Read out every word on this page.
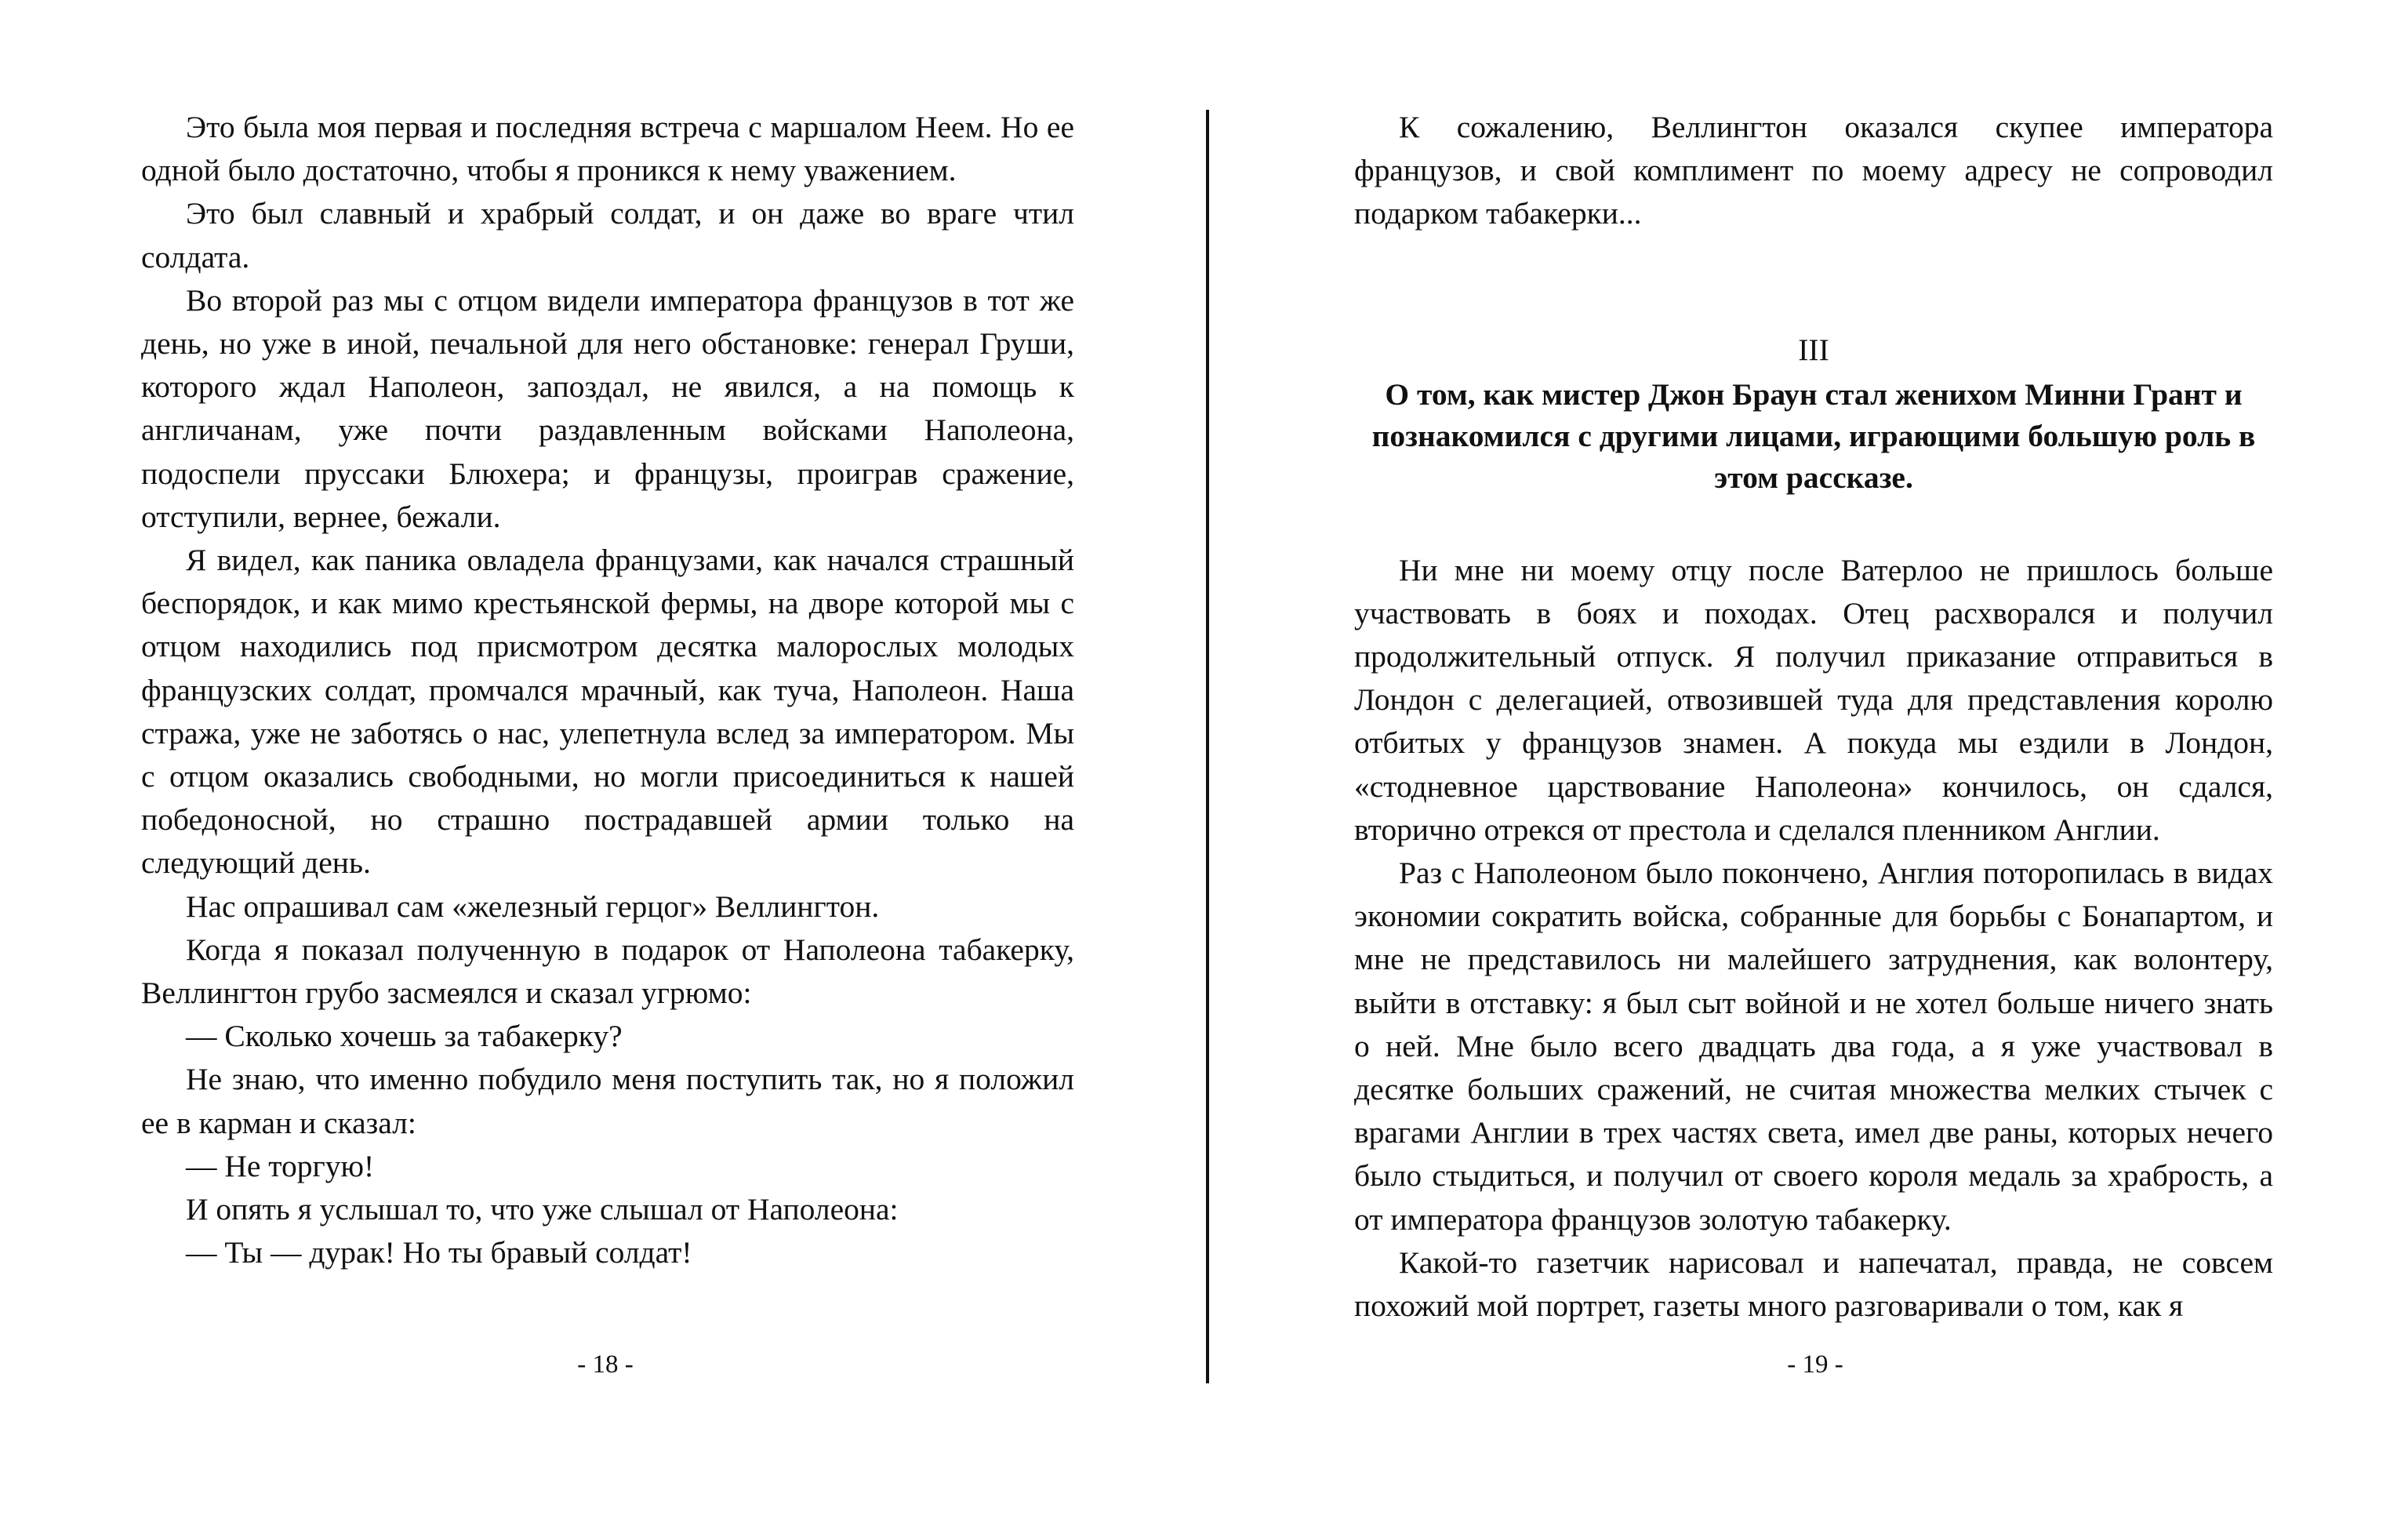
Это была моя первая и последняя встреча с маршалом Неем. Но ее одной было достаточно, чтобы я проникся к нему уважением.

Это был славный и храбрый солдат, и он даже во враге чтил солдата.

Во второй раз мы с отцом видели императора французов в тот же день, но уже в иной, печальной для него обстановке: генерал Груши, которого ждал Наполеон, запоздал, не явился, а на помощь к англичанам, уже почти раздавленным войсками Наполеона, подоспели пруссаки Блюхера; и французы, проиграв сражение, отступили, вернее, бежали.

Я видел, как паника овладела французами, как начался страшный беспорядок, и как мимо крестьянской фермы, на дворе которой мы с отцом находились под присмотром десятка малорослых молодых французских солдат, промчался мрачный, как туча, Наполеон. Наша стража, уже не заботясь о нас, улепетнула вслед за императором. Мы с отцом оказались свободными, но могли присоединиться к нашей победоносной, но страшно пострадавшей армии только на следующий день.

Нас опрашивал сам «железный герцог» Веллингтон.

Когда я показал полученную в подарок от Наполеона табакерку, Веллингтон грубо засмеялся и сказал угрюмо:

— Сколько хочешь за табакерку?

Не знаю, что именно побудило меня поступить так, но я положил ее в карман и сказал:

— Не торгую!

И опять я услышал то, что уже слышал от Наполеона:

— Ты — дурак! Но ты бравый солдат!

К сожалению, Веллингтон оказался скупее императора французов, и свой комплимент по моему адресу не сопроводил подарком табакерки...

III
О том, как мистер Джон Браун стал женихом Минни Грант и познакомился с другими лицами, играющими большую роль в этом рассказе.

Ни мне ни моему отцу после Ватерлоо не пришлось больше участвовать в боях и походах. Отец расхворался и получил продолжительный отпуск. Я получил приказание отправиться в Лондон с делегацией, отвозившей туда для представления королю отбитых у французов знамен. А покуда мы ездили в Лондон, «стодневное царствование Наполеона» кончилось, он сдался, вторично отрекся от престола и сделался пленником Англии.

Раз с Наполеоном было покончено, Англия поторопилась в видах экономии сократить войска, собранные для борьбы с Бонапартом, и мне не представилось ни малейшего затруднения, как волонтеру, выйти в отставку: я был сыт войной и не хотел больше ничего знать о ней. Мне было всего двадцать два года, а я уже участвовал в десятке больших сражений, не считая множества мелких стычек с врагами Англии в трех частях света, имел две раны, которых нечего было стыдиться, и получил от своего короля медаль за храбрость, а от императора французов золотую табакерку.

Какой-то газетчик нарисовал и напечатал, правда, не совсем похожий мой портрет, газеты много разговаривали о том, как я

- 18 -	- 19 -
